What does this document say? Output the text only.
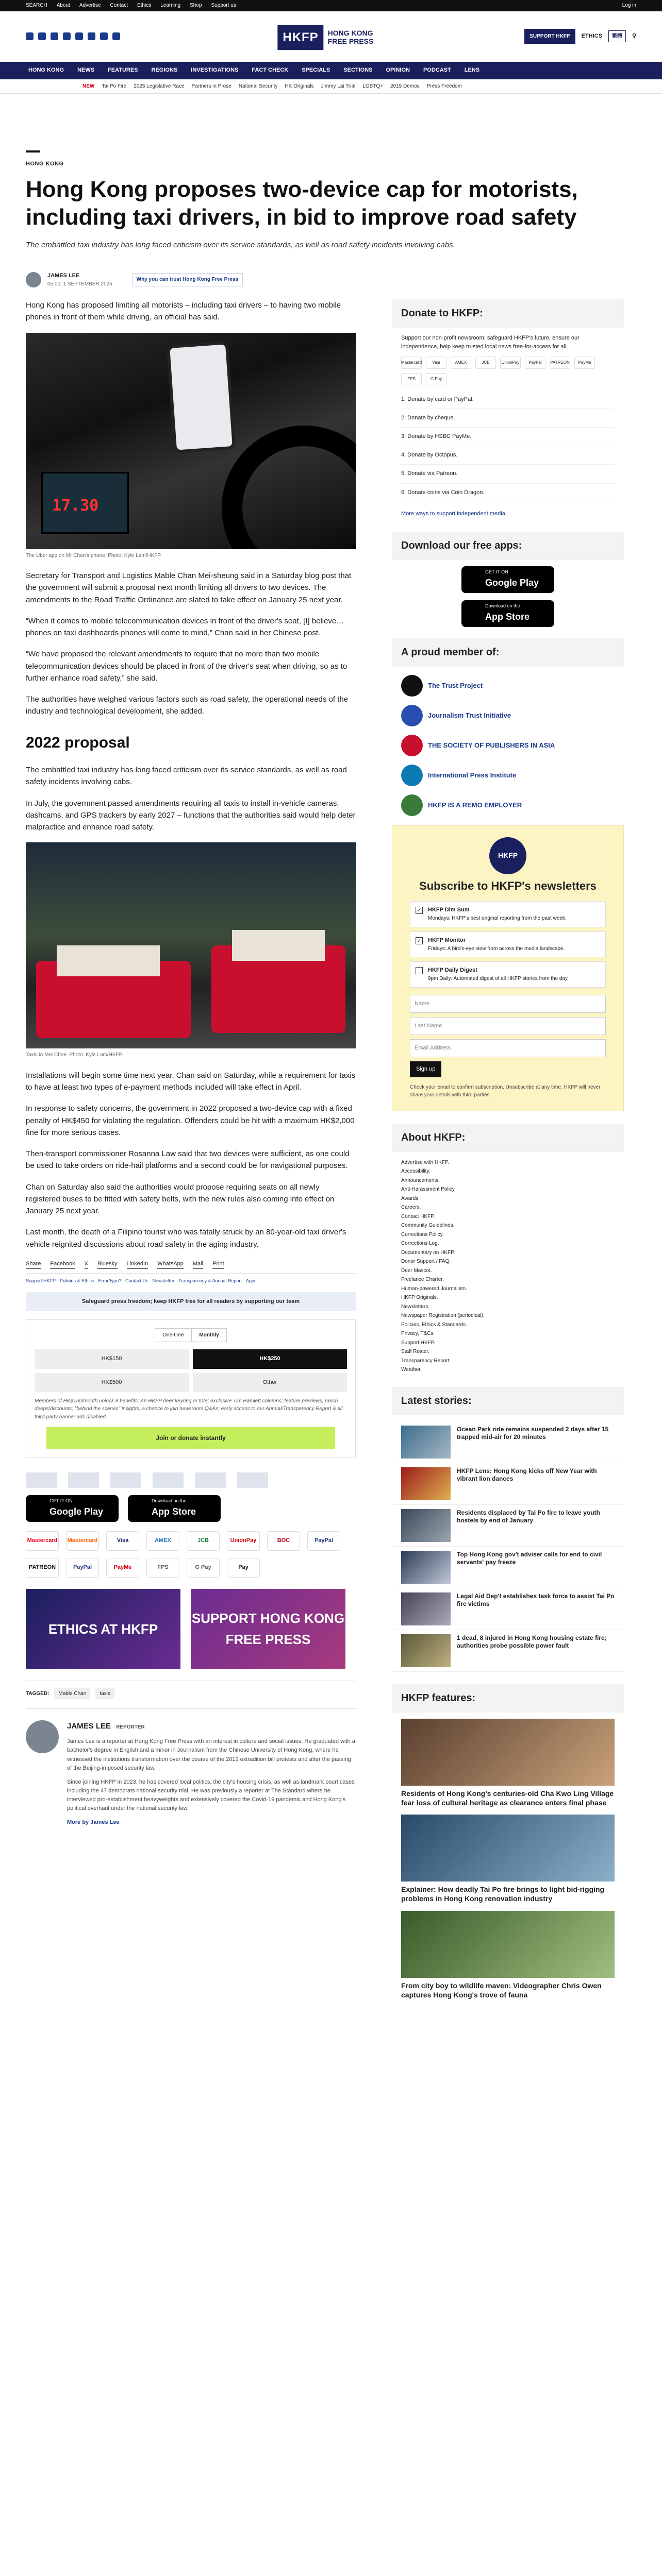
SEARCH About Advertise Contact Ethics Learning Shop Support us	Log in
HKFP	HONG KONG FREE PRESS
SUPPORT HKFP	ETHICS	繁體	⚲
HONG KONG NEWS FEATURES REGIONS INVESTIGATIONS FACT CHECK SPECIALS SECTIONS OPINION PODCAST LENS
NEW Tai Po Fire 2025 Legislative Race Partners in Prose National Security HK Originals Jimmy Lai Trial LGBTQ+ 2019 Demos Press Freedom
HONG KONG
Hong Kong proposes two-device cap for motorists, including taxi drivers, in bid to improve road safety
The embattled taxi industry has long faced criticism over its service standards, as well as road safety incidents involving cabs.
JAMES LEE
05:00, 1 SEPTEMBER 2025
Why you can trust Hong Kong Free Press

Hong Kong has proposed limiting all motorists – including taxi drivers – to having two mobile phones in front of them while driving, an official has said.

17.30
The Uber app on Mr Chan's phone. Photo: Kyle Lam/HKFP.

Secretary for Transport and Logistics Mable Chan Mei-sheung said in a Saturday blog post that the government will submit a proposal next month limiting all drivers to two devices. The amendments to the Road Traffic Ordinance are slated to take effect on January 25 next year.

“When it comes to mobile telecommunication devices in front of the driver's seat, [I] believe… phones on taxi dashboards phones will come to mind,” Chan said in her Chinese post.

“We have proposed the relevant amendments to require that no more than two mobile telecommunication devices should be placed in front of the driver's seat when driving, so as to further enhance road safety,” she said.

The authorities have weighed various factors such as road safety, the operational needs of the industry and technological development, she added.

2022 proposal

The embattled taxi industry has long faced criticism over its service standards, as well as road safety incidents involving cabs.

In July, the government passed amendments requiring all taxis to install in-vehicle cameras, dashcams, and GPS trackers by early 2027 – functions that the authorities said would help deter malpractice and enhance road safety.

Taxis in Mei Chee. Photo: Kyle Lam/HKFP.

Installations will begin some time next year, Chan said on Saturday, while a requirement for taxis to have at least two types of e-payment methods included will take effect in April.

In response to safety concerns, the government in 2022 proposed a two-device cap with a fixed penalty of HK$450 for violating the regulation. Offenders could be hit with a maximum HK$2,000 fine for more serious cases.

Then-transport commissioner Rosanna Law said that two devices were sufficient, as one could be used to take orders on ride-hail platforms and a second could be for navigational purposes.

Chan on Saturday also said the authorities would propose requiring seats on all newly registered buses to be fitted with safety belts, with the new rules also coming into effect on January 25 next year.

Last month, the death of a Filipino tourist who was fatally struck by an 80-year-old taxi driver's vehicle reignited discussions about road safety in the aging industry.

Share Facebook X Bluesky LinkedIn WhatsApp Mail Print
Support HKFP Policies & Ethics Error/typo? Contact Us Newsletter Transparency & Annual Report Apps
Safeguard press freedom; keep HKFP free for all readers by supporting our team
One-time	Monthly
HK$150	HK$250
HK$500	Other
Members of HK$150/month unlock 8 benefits: An HKFP deer keyring or tote; exclusive Tim Hamlett columns; feature previews; ranch deeps/discounts; "behind the scenes" insights; a chance to join newsroom Q&As; early access to our Annual/Transparency Report & all third-party banner ads disabled.
Join or donate instantly
GET IT ON
Google Play
Download on the
App Store
Mastercard Mastercard	Visa	AMEX	JCB	UnionPay	BOC	PayPal
PATREON	PayPal	PayMe	FPS	G Pay	Pay
ETHICS AT HKFP
SUPPORT HONG KONG FREE PRESS
TAGGED:	Mable Chan	taxis
JAMES LEE REPORTER

James Lee is a reporter at Hong Kong Free Press with an interest in culture and social issues. He graduated with a bachelor's degree in English and a minor in Journalism from the Chinese University of Hong Kong, where he witnessed the institutions transformation over the course of the 2019 extradition bill protests and after the passing of the Beijing-imposed security law.

Since joining HKFP in 2023, he has covered local politics, the city's housing crisis, as well as landmark court cases including the 47 democrats national security trial. He was previously a reporter at The Standard where he interviewed pro-establishment heavyweights and extensively covered the Covid-19 pandemic and Hong Kong's political overhaul under the national security law.

More by James Lee
Donate to HKFP:
Support our non-profit newsroom: safeguard HKFP's future, ensure our independence, help keep trusted local news free-for-access for all.
Mastercard	Visa	AMEX	JCB	UnionPay	PayPal	PATREON	PayMe
FPS	G Pay
1. Donate by card or PayPal.
2. Donate by cheque.
3. Donate by HSBC PayMe.
4. Donate by Octopus.
5. Donate via Patreon.
6. Donate coins via Coin Dragon.
More ways to support independent media.
Download our free apps:
GET IT ON
Google Play
Download on the
App Store
A proud member of:
The Trust Project
Journalism Trust Initiative
THE SOCIETY OF PUBLISHERS IN ASIA
International Press Institute
HKFP IS A REMO EMPLOYER
HKFP
Subscribe to HKFP's newsletters
✓ HKFP Dim Sum
Mondays: HKFP's best original reporting from the past week.
✓ HKFP Monitor
Fridays: A bird's-eye view from across the media landscape.
HKFP Daily Digest
9pm Daily: Automated digest of all HKFP stories from the day.
Name
Last Name
Email Address
Sign up
Check your email to confirm subscription. Unsubscribe at any time. HKFP will never share your details with third parties.
About HKFP:
Advertise with HKFP.
Accessibility.
Announcements.
Anti-Harassment Policy.
Awards.
Careers.
Contact HKFP.
Community Guidelines.
Corrections Policy.
Corrections Log.
Documentary on HKFP.
Donor Support / FAQ.
Deer Mascot.
Freelance Charter.
Human-powered Journalism.
HKFP Originals.
Newsletters.
Newspaper Registration (periodical).
Policies, Ethics & Standards.
Privacy, T&Cs.
Support HKFP.
Staff Roster.
Transparency Report.
Weather.
Latest stories:
Ocean Park ride remains suspended 2 days after 15 trapped mid-air for 20 minutes
HKFP Lens: Hong Kong kicks off New Year with vibrant lion dances
Residents displaced by Tai Po fire to leave youth hostels by end of January
Top Hong Kong gov't adviser calls for end to civil servants' pay freeze
Legal Aid Dep't establishes task force to assist Tai Po fire victims
1 dead, 8 injured in Hong Kong housing estate fire; authorities probe possible power fault
HKFP features:
Residents of Hong Kong's centuries-old Cha Kwo Ling Village fear loss of cultural heritage as clearance enters final phase
Explainer: How deadly Tai Po fire brings to light bid-rigging problems in Hong Kong renovation industry
From city boy to wildlife maven: Videographer Chris Owen captures Hong Kong's trove of fauna
